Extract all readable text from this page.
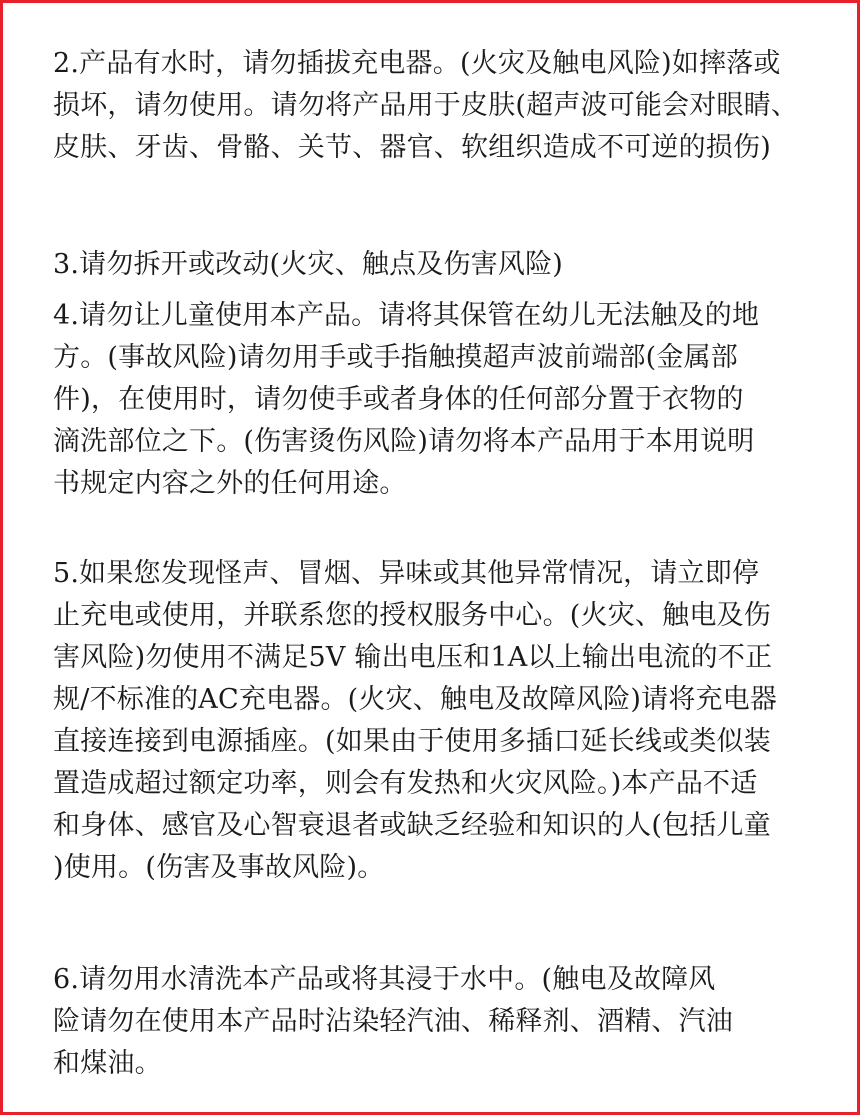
2.产品有水时，请勿插拔充电器。(火灾及触电风险)如摔落或
损坏，请勿使用。请勿将产品用于皮肤(超声波可能会对眼睛、
皮肤、牙齿、骨骼、关节、器官、软组织造成不可逆的损伤)
3.请勿拆开或改动(火灾、触点及伤害风险)
4.请勿让儿童使用本产品。请将其保管在幼儿无法触及的地
方。(事故风险)请勿用手或手指触摸超声波前端部(金属部
件)，在使用时，请勿使手或者身体的任何部分置于衣物的
滴洗部位之下。(伤害烫伤风险)请勿将本产品用于本用说明
书规定内容之外的任何用途。
5.如果您发现怪声、冒烟、异味或其他异常情况，请立即停
止充电或使用，并联系您的授权服务中心。(火灾、触电及伤
害风险)勿使用不满足5V 输出电压和1A以上输出电流的不正
规/不标准的AC充电器。(火灾、触电及故障风险)请将充电器
直接连接到电源插座。(如果由于使用多插口延长线或类似装
置造成超过额定功率，则会有发热和火灾风险。)本产品不适
和身体、感官及心智衰退者或缺乏经验和知识的人(包括儿童
)使用。(伤害及事故风险)。
6.请勿用水清洗本产品或将其浸于水中。(触电及故障风
险请勿在使用本产品时沾染轻汽油、稀释剂、酒精、汽油
和煤油。
